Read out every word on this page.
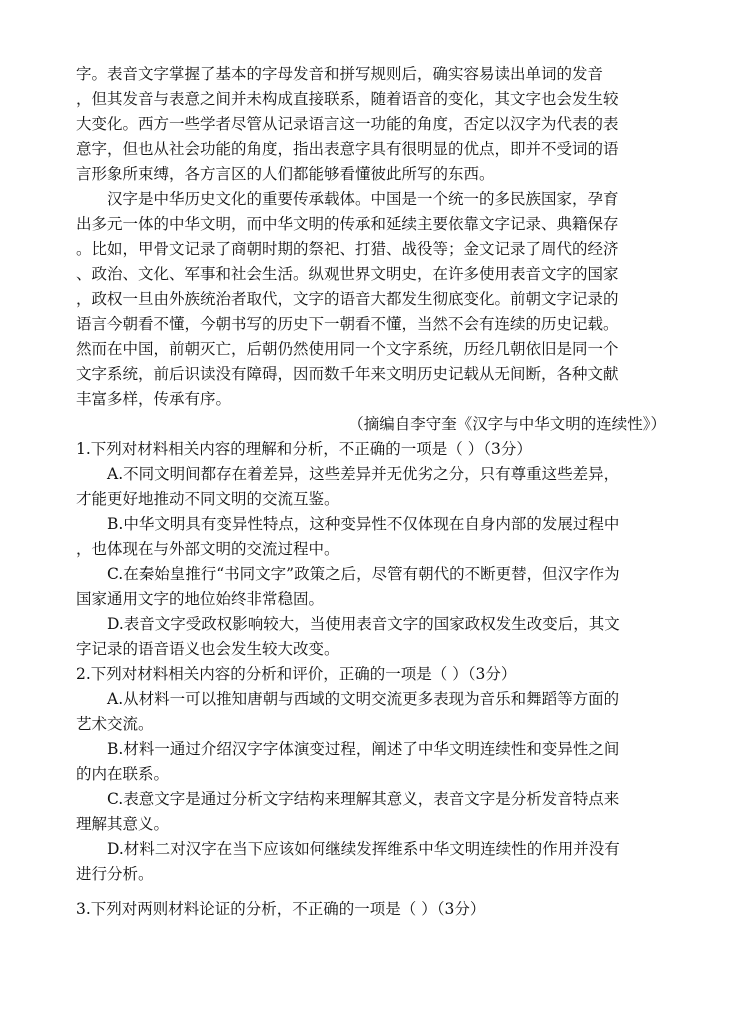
字。表音文字掌握了基本的字母发音和拼写规则后，确实容易读出单词的发音
，但其发音与表意之间并未构成直接联系，随着语音的变化，其文字也会发生较
大变化。西方一些学者尽管从记录语言这一功能的角度，否定以汉字为代表的表
意字，但也从社会功能的角度，指出表意字具有很明显的优点，即并不受词的语
言形象所束缚，各方言区的人们都能够看懂彼此所写的东西。
汉字是中华历史文化的重要传承载体。中国是一个统一的多民族国家，孕育
出多元一体的中华文明，而中华文明的传承和延续主要依靠文字记录、典籍保存
。比如，甲骨文记录了商朝时期的祭祀、打猎、战役等；金文记录了周代的经济
、政治、文化、军事和社会生活。纵观世界文明史，在许多使用表音文字的国家
，政权一旦由外族统治者取代，文字的语音大都发生彻底变化。前朝文字记录的
语言今朝看不懂，今朝书写的历史下一朝看不懂，当然不会有连续的历史记载。
然而在中国，前朝灭亡，后朝仍然使用同一个文字系统，历经几朝依旧是同一个
文字系统，前后识读没有障碍，因而数千年来文明历史记载从无间断，各种文献
丰富多样，传承有序。
（摘编自李守奎《汉字与中华文明的连续性》）
1.下列对材料相关内容的理解和分析，不正确的一项是（ ）（3分）
A.不同文明间都存在着差异，这些差异并无优劣之分，只有尊重这些差异，
才能更好地推动不同文明的交流互鉴。
B.中华文明具有变异性特点，这种变异性不仅体现在自身内部的发展过程中
，也体现在与外部文明的交流过程中。
C.在秦始皇推行“书同文字”政策之后，尽管有朝代的不断更替，但汉字作为
国家通用文字的地位始终非常稳固。
D.表音文字受政权影响较大，当使用表音文字的国家政权发生改变后，其文
字记录的语音语义也会发生较大改变。
2.下列对材料相关内容的分析和评价，正确的一项是（ ）（3分）
A.从材料一可以推知唐朝与西域的文明交流更多表现为音乐和舞蹈等方面的
艺术交流。
B.材料一通过介绍汉字字体演变过程，阐述了中华文明连续性和变异性之间
的内在联系。
C.表意文字是通过分析文字结构来理解其意义，表音文字是分析发音特点来
理解其意义。
D.材料二对汉字在当下应该如何继续发挥维系中华文明连续性的作用并没有
进行分析。
3.下列对两则材料论证的分析，不正确的一项是（ ）（3分）
